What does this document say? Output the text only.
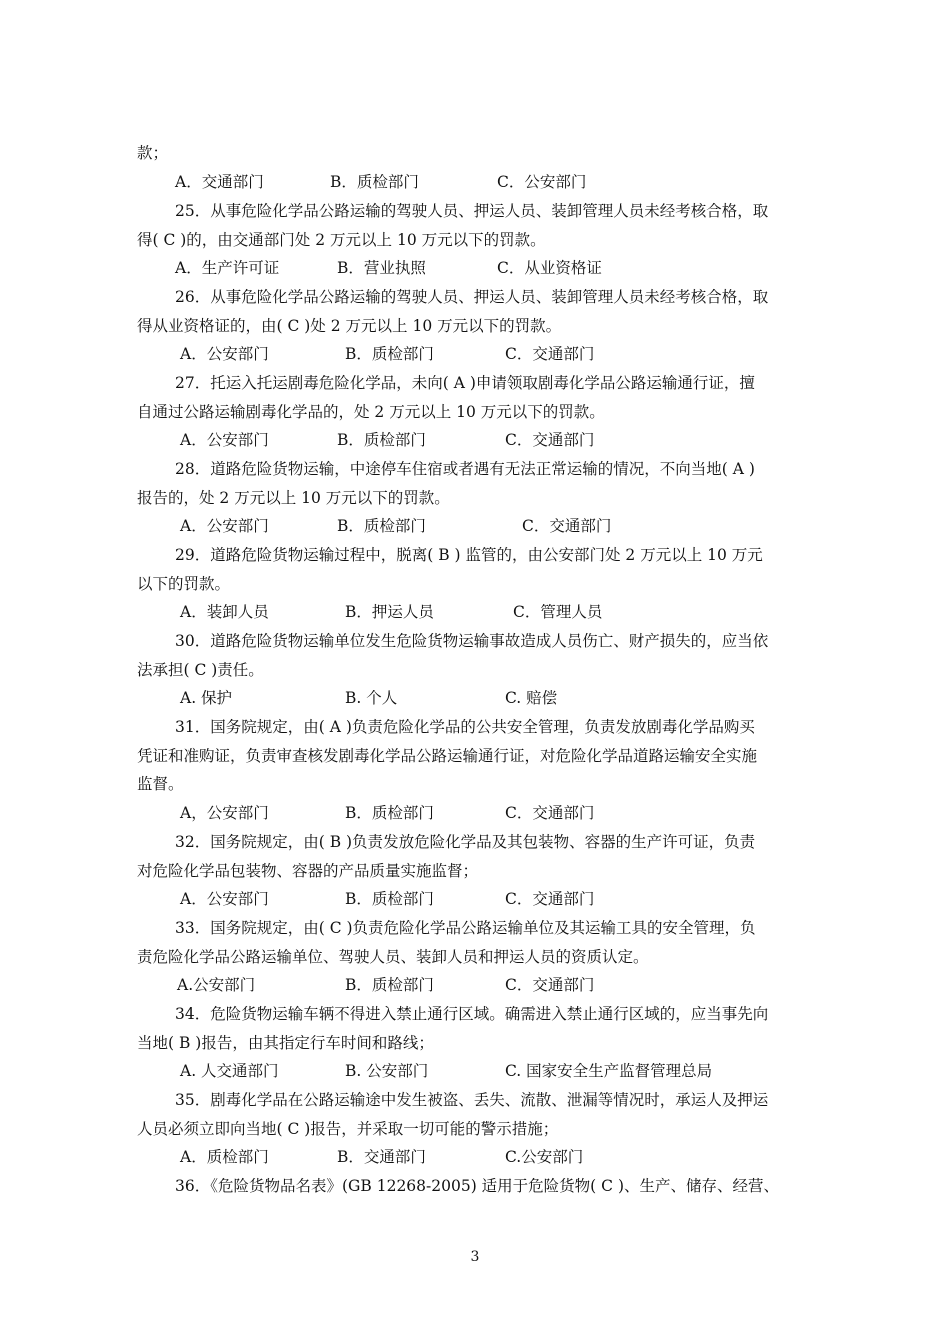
款；
A．交通部门	B．质检部门	C．公安部门
25．从事危险化学品公路运输的驾驶人员、押运人员、装卸管理人员未经考核合格，取
得( C )的，由交通部门处 2 万元以上 10 万元以下的罚款。
A．生产许可证	B．营业执照	C．从业资格证
26．从事危险化学品公路运输的驾驶人员、押运人员、装卸管理人员未经考核合格，取
得从业资格证的，由( C )处 2 万元以上 10 万元以下的罚款。
A．公安部门	B．质检部门	C．交通部门
27．托运入托运剧毒危险化学品，未向( A )申请领取剧毒化学品公路运输通行证，擅
自通过公路运输剧毒化学品的，处 2 万元以上 10 万元以下的罚款。
A．公安部门	B．质检部门	C．交通部门
28．道路危险货物运输，中途停车住宿或者遇有无法正常运输的情况，不向当地( A )
报告的，处 2 万元以上 10 万元以下的罚款。
A．公安部门	B．质检部门	C．交通部门
29．道路危险货物运输过程中，脱离( B ) 监管的，由公安部门处 2 万元以上 10 万元
以下的罚款。
A．装卸人员	B．押运人员	C．管理人员
30．道路危险货物运输单位发生危险货物运输事故造成人员伤亡、财产损失的，应当依
法承担( C )责任。
A. 保护	B. 个人	C. 赔偿
31．国务院规定，由( A )负责危险化学品的公共安全管理，负责发放剧毒化学品购买
凭证和准购证，负责审查核发剧毒化学品公路运输通行证，对危险化学品道路运输安全实施
监督。
A，公安部门	B．质检部门	C．交通部门
32．国务院规定，由( B )负责发放危险化学品及其包装物、容器的生产许可证，负责
对危险化学品包装物、容器的产品质量实施监督；
A．公安部门	B．质检部门	C．交通部门
33．国务院规定，由( C )负责危险化学品公路运输单位及其运输工具的安全管理，负
责危险化学品公路运输单位、驾驶人员、装卸人员和押运人员的资质认定。
A.公安部门	B．质检部门	C．交通部门
34．危险货物运输车辆不得进入禁止通行区域。确需进入禁止通行区域的，应当事先向
当地( B )报告，由其指定行车时间和路线；
A. 人交通部门	B. 公安部门	C. 国家安全生产监督管理总局
35．剧毒化学品在公路运输途中发生被盗、丢失、流散、泄漏等情况时，承运人及押运
人员必须立即向当地( C )报告，并采取一切可能的警示措施；
A．质检部门	B．交通部门	C.公安部门
36．《危险货物品名表》(GB 12268-2005) 适用于危险货物( C )、生产、储存、经营、
3
